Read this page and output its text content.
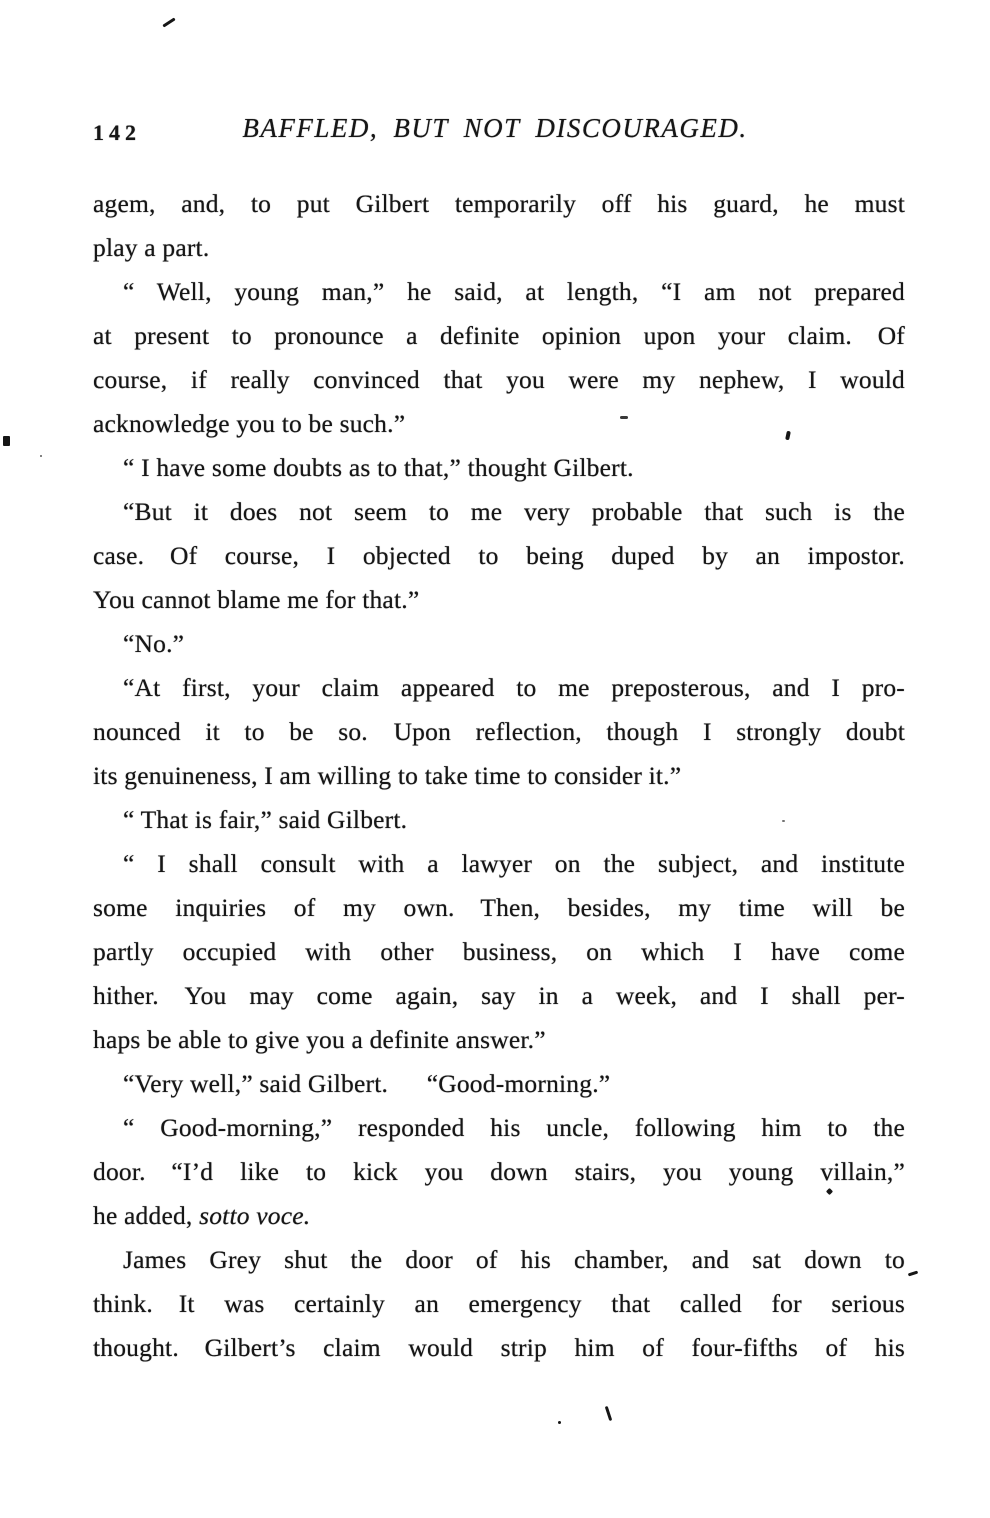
142	BAFFLED, BUT NOT DISCOURAGED.
agem, and, to put Gilbert temporarily off his guard, he must
play a part.
“ Well, young man,” he said, at length, “I am not prepared
at present to pronounce a definite opinion upon your claim. Of
course, if really convinced that you were my nephew, I would
acknowledge you to be such.”
“ I have some doubts as to that,” thought Gilbert.
“But it does not seem to me very probable that such is the
case. Of course, I objected to being duped by an impostor.
You cannot blame me for that.”
“No.”
“At first, your claim appeared to me preposterous, and I pro-
nounced it to be so. Upon reflection, though I strongly doubt
its genuineness, I am willing to take time to consider it.”
“ That is fair,” said Gilbert.
“ I shall consult with a lawyer on the subject, and institute
some inquiries of my own. Then, besides, my time will be
partly occupied with other business, on which I have come
hither. You may come again, say in a week, and I shall per-
haps be able to give you a definite answer.”
“Very well,” said Gilbert.  “Good-morning.”
“ Good-morning,” responded his uncle, following him to the
door. “I’d like to kick you down stairs, you young villain,”
he added, sotto voce.
James Grey shut the door of his chamber, and sat down to
think. It was certainly an emergency that called for serious
thought. Gilbert’s claim would strip him of four-fifths of his
